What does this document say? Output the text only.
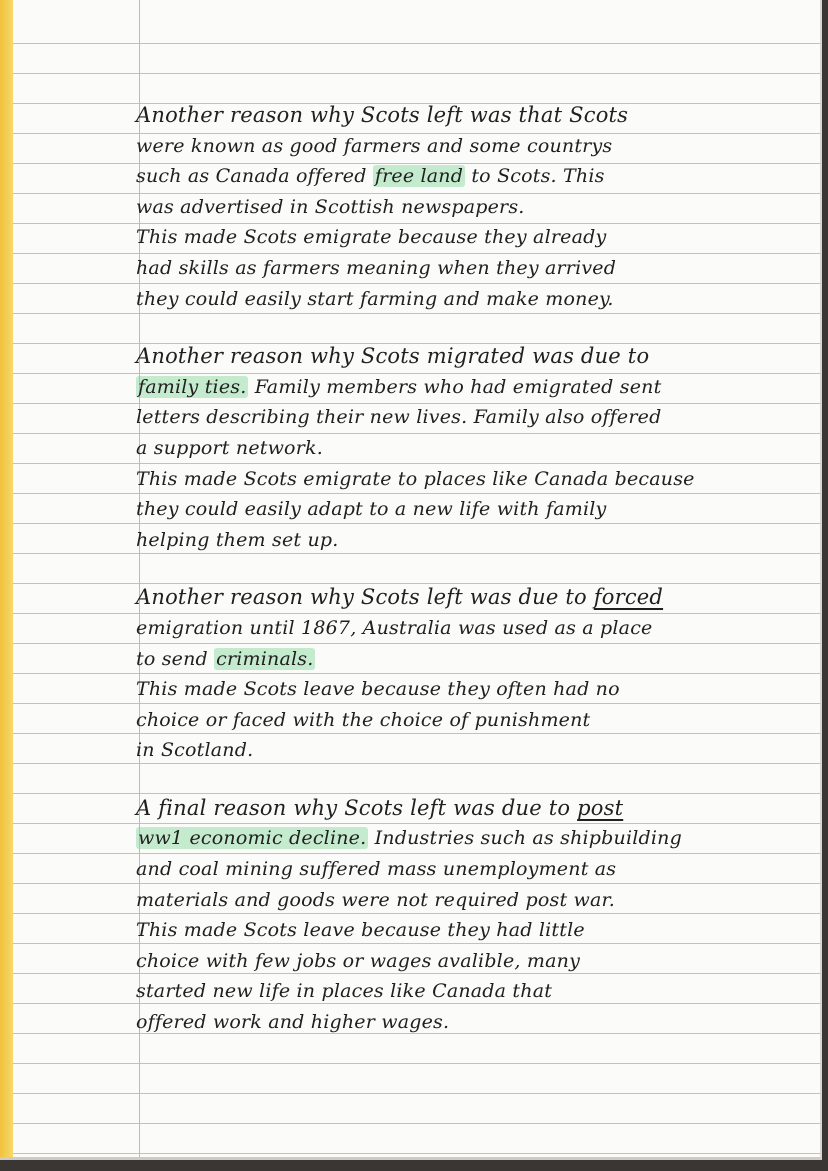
Another reason why Scots left was that Scots
were known as good farmers and some countrys
such as Canada offered free land to Scots. This
was advertised in Scottish newspapers.
This made Scots emigrate because they already
had skills as farmers meaning when they arrived
they could easily start farming and make money.
Another reason why Scots migrated was due to
family ties. Family members who had emigrated sent
letters describing their new lives. Family also offered
a support network.
This made Scots emigrate to places like Canada because
they could easily adapt to a new life with family
helping them set up.
Another reason why Scots left was due to forced
emigration until 1867, Australia was used as a place
to send criminals.
This made Scots leave because they often had no
choice or faced with the choice of punishment
in Scotland.
A final reason why Scots left was due to post
ww1 economic decline. Industries such as shipbuilding
and coal mining suffered mass unemployment as
materials and goods were not required post war.
This made Scots leave because they had little
choice with few jobs or wages avalible, many
started new life in places like Canada that
offered work and higher wages.
